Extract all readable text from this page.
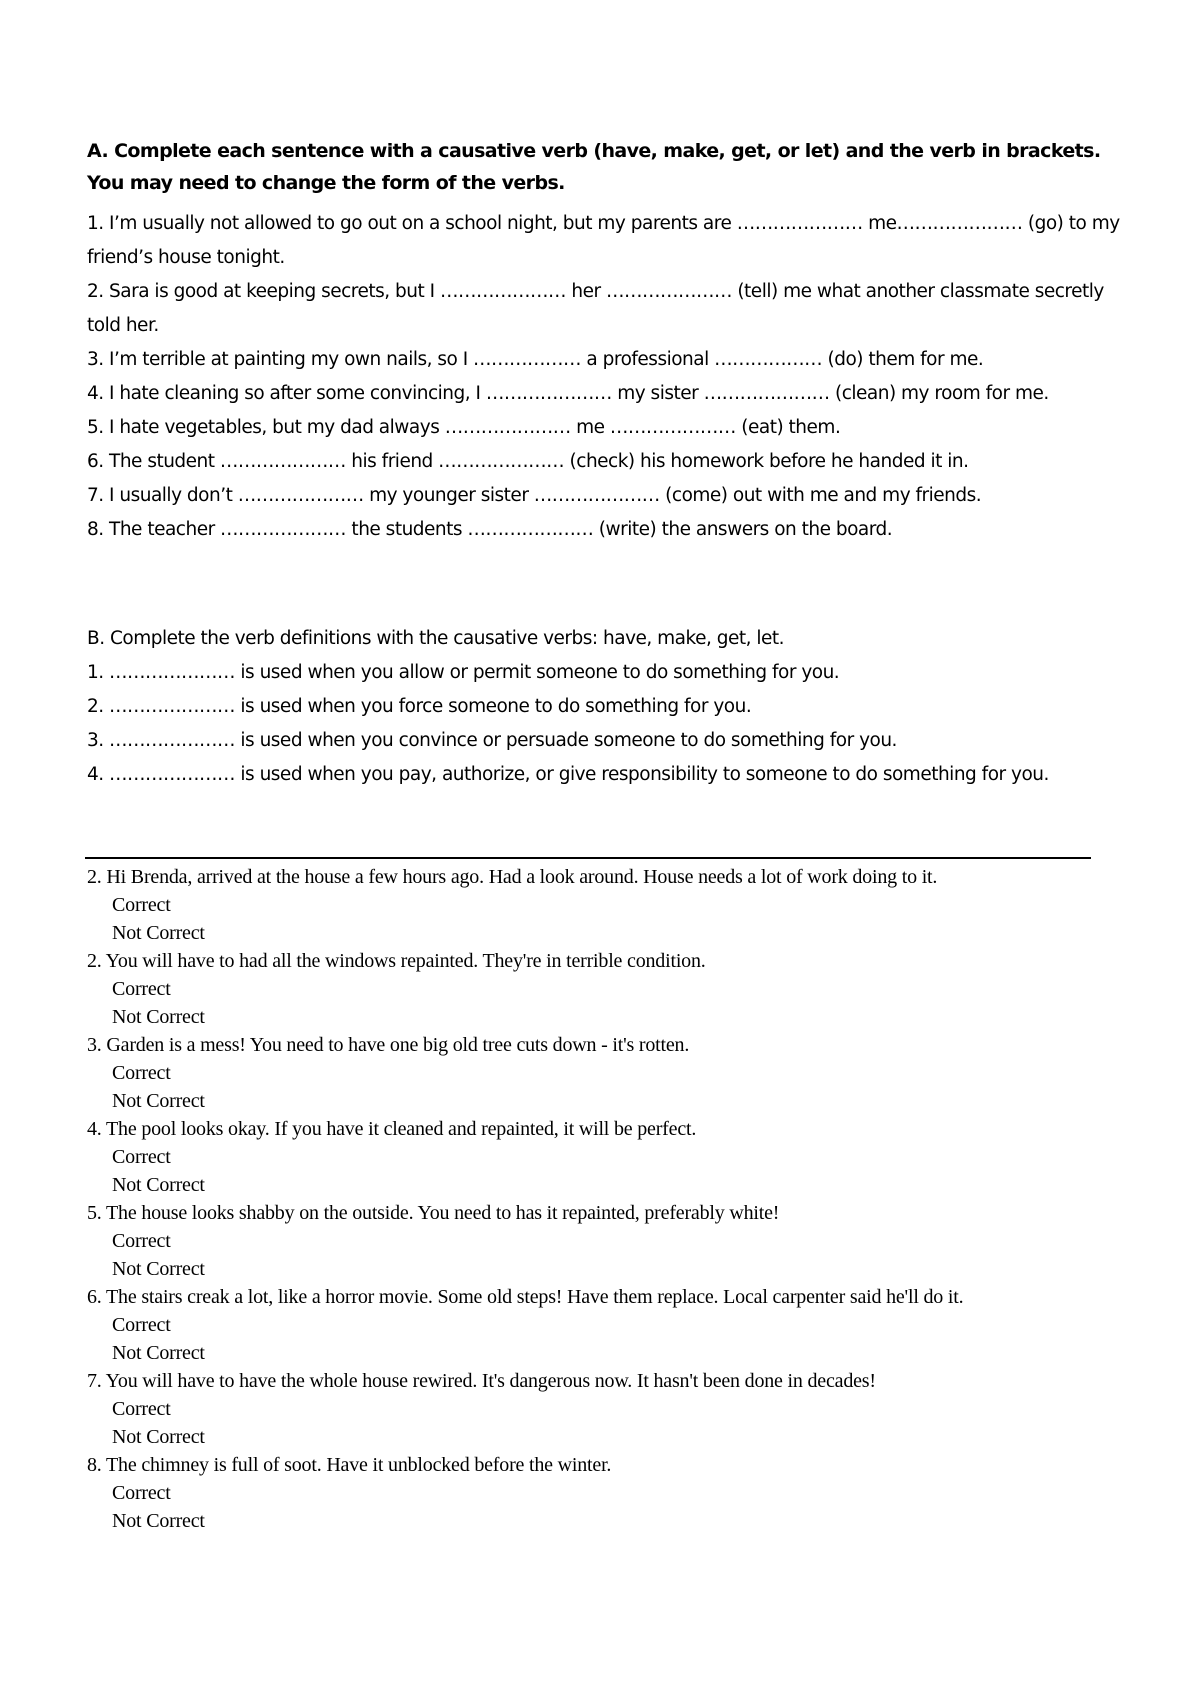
A. Complete each sentence with a causative verb (have, make, get, or let) and the verb in brackets.
You may need to change the form of the verbs.
1. I’m usually not allowed to go out on a school night, but my parents are ………………… me………………… (go) to my friend’s house tonight.
2. Sara is good at keeping secrets, but I ………………… her ………………… (tell) me what another classmate secretly told her.
3. I’m terrible at painting my own nails, so I ……………… a professional ……………… (do) them for me.
4. I hate cleaning so after some convincing, I ………………… my sister ………………… (clean) my room for me.
5. I hate vegetables, but my dad always ………………… me ………………… (eat) them.
6. The student ………………… his friend ………………… (check) his homework before he handed it in.
7. I usually don’t ………………… my younger sister ………………… (come) out with me and my friends.
8. The teacher ………………… the students ………………… (write) the answers on the board.
B. Complete the verb definitions with the causative verbs: have, make, get, let.
1. ………………… is used when you allow or permit someone to do something for you.
2. ………………… is used when you force someone to do something for you.
3. ………………… is used when you convince or persuade someone to do something for you.
4. ………………… is used when you pay, authorize, or give responsibility to someone to do something for you.
2. Hi Brenda, arrived at the house a few hours ago. Had a look around. House needs a lot of work doing to it.
Correct
Not Correct
2. You will have to had all the windows repainted. They're in terrible condition.
Correct
Not Correct
3. Garden is a mess! You need to have one big old tree cuts down - it's rotten.
Correct
Not Correct
4. The pool looks okay. If you have it cleaned and repainted, it will be perfect.
Correct
Not Correct
5. The house looks shabby on the outside. You need to has it repainted, preferably white!
Correct
Not Correct
6. The stairs creak a lot, like a horror movie. Some old steps! Have them replace. Local carpenter said he'll do it.
Correct
Not Correct
7. You will have to have the whole house rewired. It's dangerous now. It hasn't been done in decades!
Correct
Not Correct
8. The chimney is full of soot. Have it unblocked before the winter.
Correct
Not Correct
